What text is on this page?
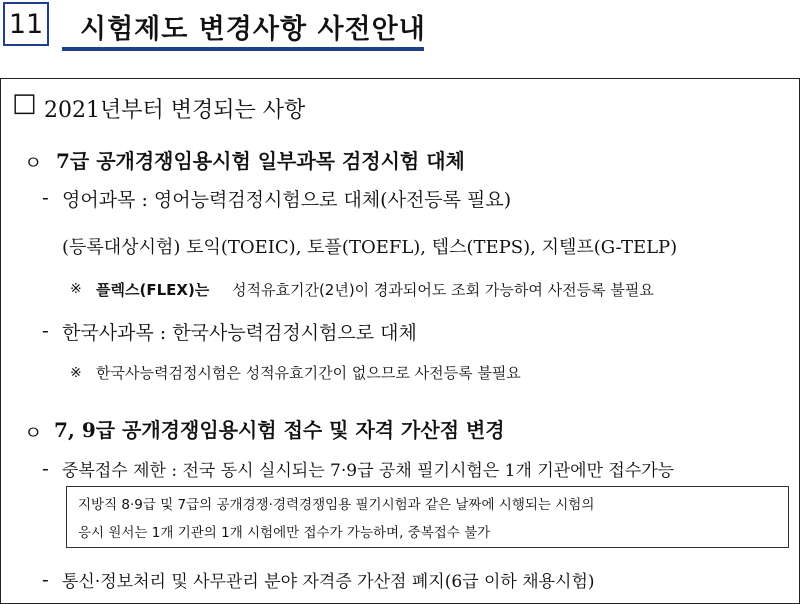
11 시험제도 변경사항 사전안내
□ 2021년부터 변경되는 사항
ㅇ 7급 공개경쟁임용시험 일부과목 검정시험 대체
- 영어과목 : 영어능력검정시험으로 대체(사전등록 필요)
(등록대상시험) 토익(TOEIC), 토플(TOEFL), 텝스(TEPS), 지텔프(G-TELP)
※ 플렉스(FLEX)는 성적유효기간(2년)이 경과되어도 조회 가능하여 사전등록 불필요
- 한국사과목 : 한국사능력검정시험으로 대체
※ 한국사능력검정시험은 성적유효기간이 없으므로 사전등록 불필요
ㅇ 7, 9급 공개경쟁임용시험 접수 및 자격 가산점 변경
- 중복접수 제한 : 전국 동시 실시되는 7·9급 공채 필기시험은 1개 기관에만 접수가능
지방직 8·9급 및 7급의 공개경쟁·경력경쟁임용 필기시험과 같은 날짜에 시행되는 시험의
응시 원서는 1개 기관의 1개 시험에만 접수가 가능하며, 중복접수 불가
- 통신·정보처리 및 사무관리 분야 자격증 가산점 폐지(6급 이하 채용시험)
